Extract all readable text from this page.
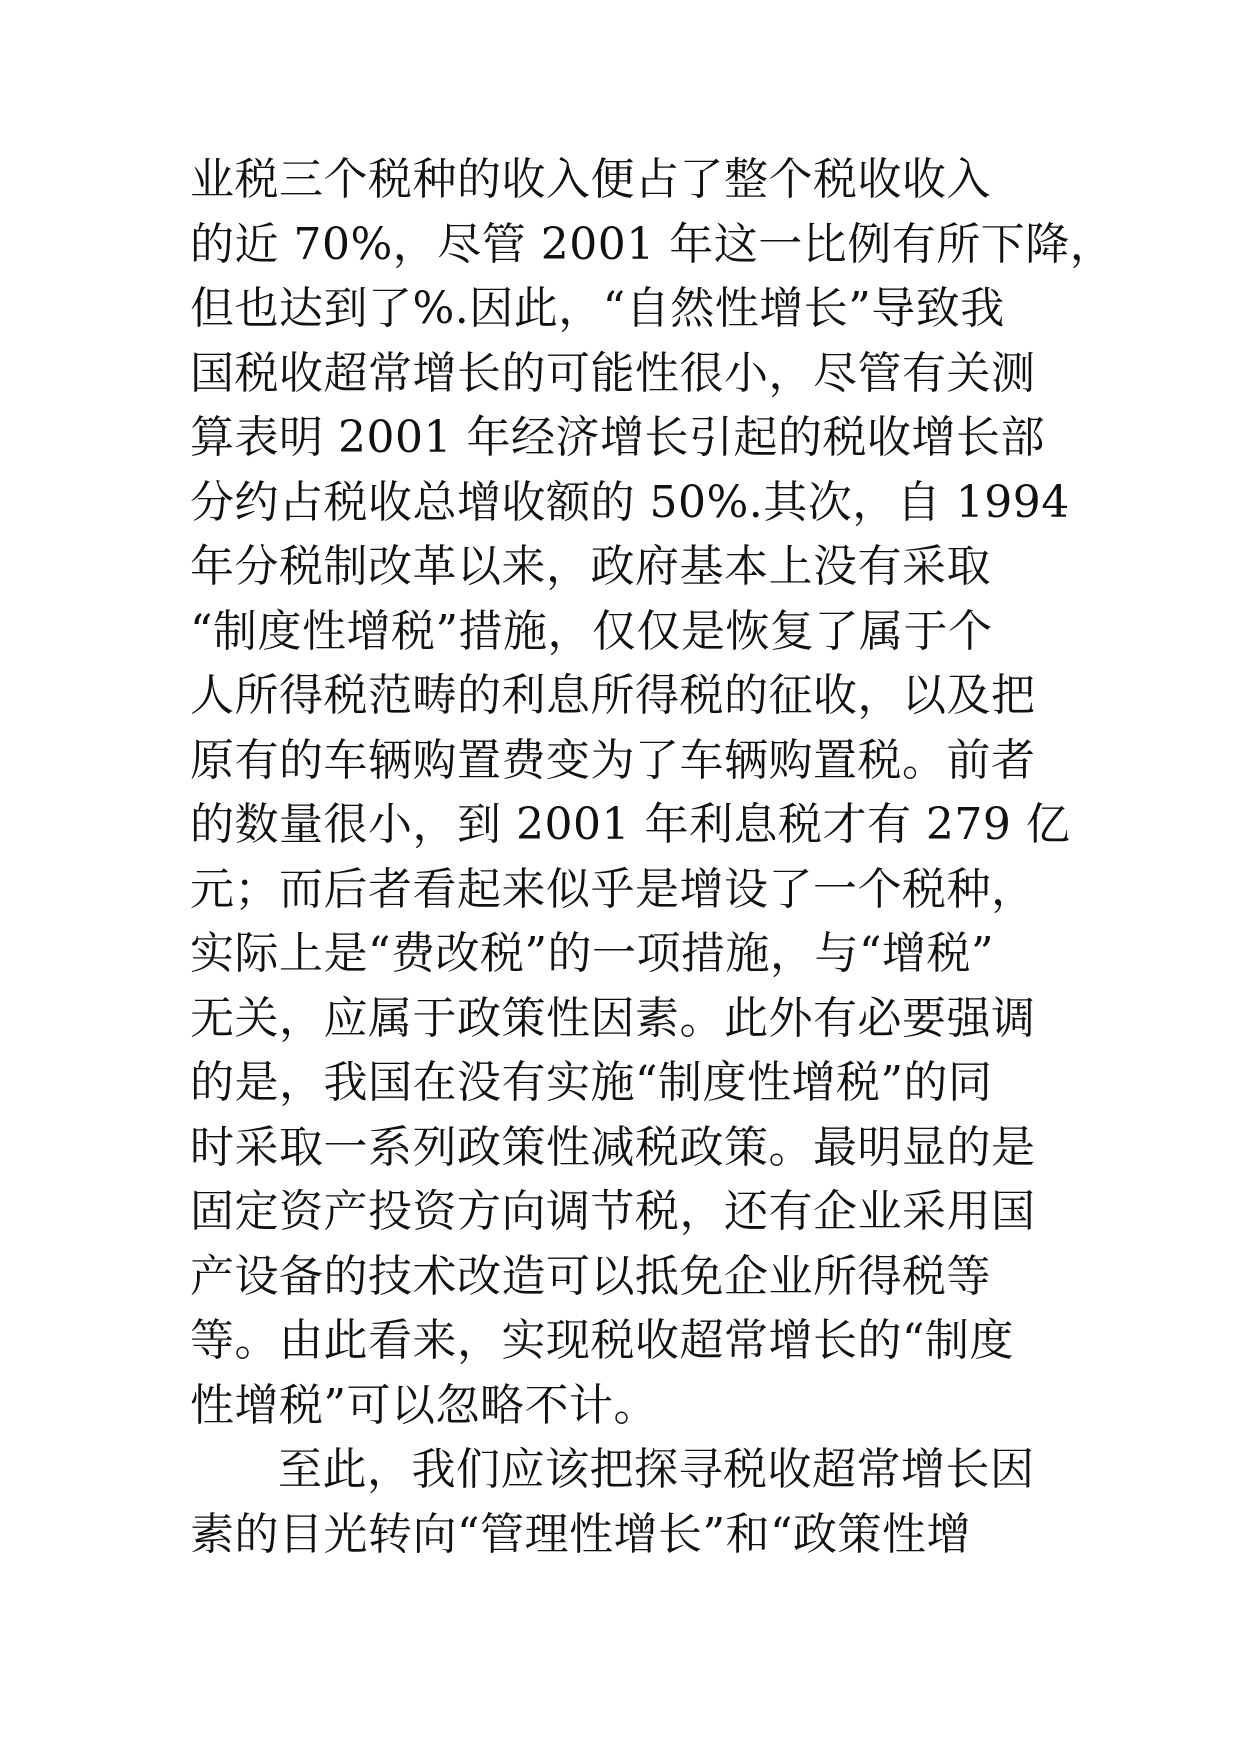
业税三个税种的收入便占了整个税收收入
的近 70%，尽管 2001 年这一比例有所下降，
但也达到了%.因此，“自然性增长”导致我
国税收超常增长的可能性很小，尽管有关测
算表明 2001 年经济增长引起的税收增长部
分约占税收总增收额的 50%.其次，自 1994
年分税制改革以来，政府基本上没有采取
“制度性增税”措施，仅仅是恢复了属于个
人所得税范畴的利息所得税的征收，以及把
原有的车辆购置费变为了车辆购置税。前者
的数量很小，到 2001 年利息税才有 279 亿
元；而后者看起来似乎是增设了一个税种，
实际上是“费改税”的一项措施，与“增税”
无关，应属于政策性因素。此外有必要强调
的是，我国在没有实施“制度性增税”的同
时采取一系列政策性减税政策。最明显的是
固定资产投资方向调节税，还有企业采用国
产设备的技术改造可以抵免企业所得税等
等。由此看来，实现税收超常增长的“制度
性增税”可以忽略不计。
至此，我们应该把探寻税收超常增长因
素的目光转向“管理性增长”和“政策性增
